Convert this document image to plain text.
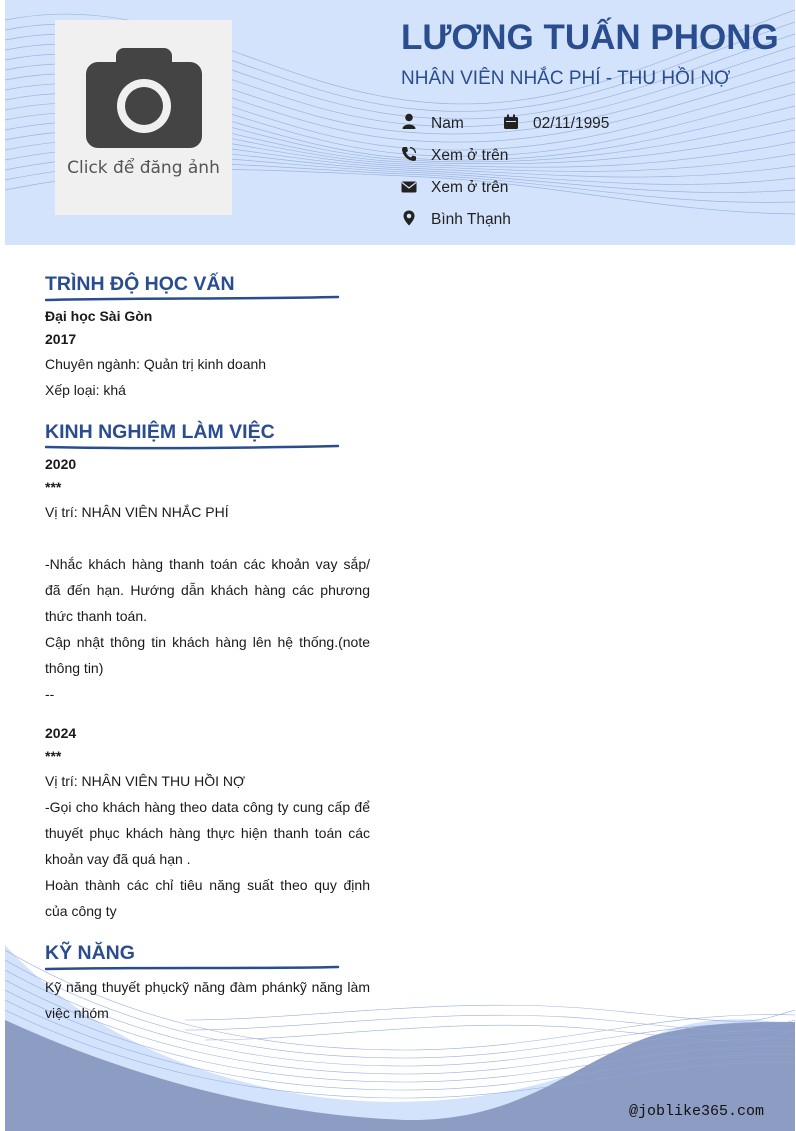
Click để đăng ảnh
LƯƠNG TUẤN PHONG
NHÂN VIÊN NHẮC PHÍ - THU HỒI NỢ
Nam	02/11/1995
Xem ở trên
Xem ở trên
Bình Thạnh
TRÌNH ĐỘ HỌC VẤN
Đại học Sài Gòn
2017
Chuyên ngành: Quản trị kinh doanh
Xếp loại: khá
KINH NGHIỆM LÀM VIỆC
2020
***
Vị trí: NHÂN VIÊN NHẮC PHÍ
-Nhắc khách hàng thanh toán các khoản vay sắp/ đã đến hạn. Hướng dẫn khách hàng các phương thức thanh toán.
Cập nhật thông tin khách hàng lên hệ thống.(note thông tin)
--
2024
***
Vị trí: NHÂN VIÊN THU HỒI NỢ
-Gọi cho khách hàng theo data công ty cung cấp để thuyết phục khách hàng thực hiện thanh toán các khoản vay đã quá hạn .
Hoàn thành các chỉ tiêu năng suất theo quy định của công ty
KỸ NĂNG
Kỹ năng thuyết phụckỹ năng đàm phánkỹ năng làm việc nhóm
@joblike365.com
